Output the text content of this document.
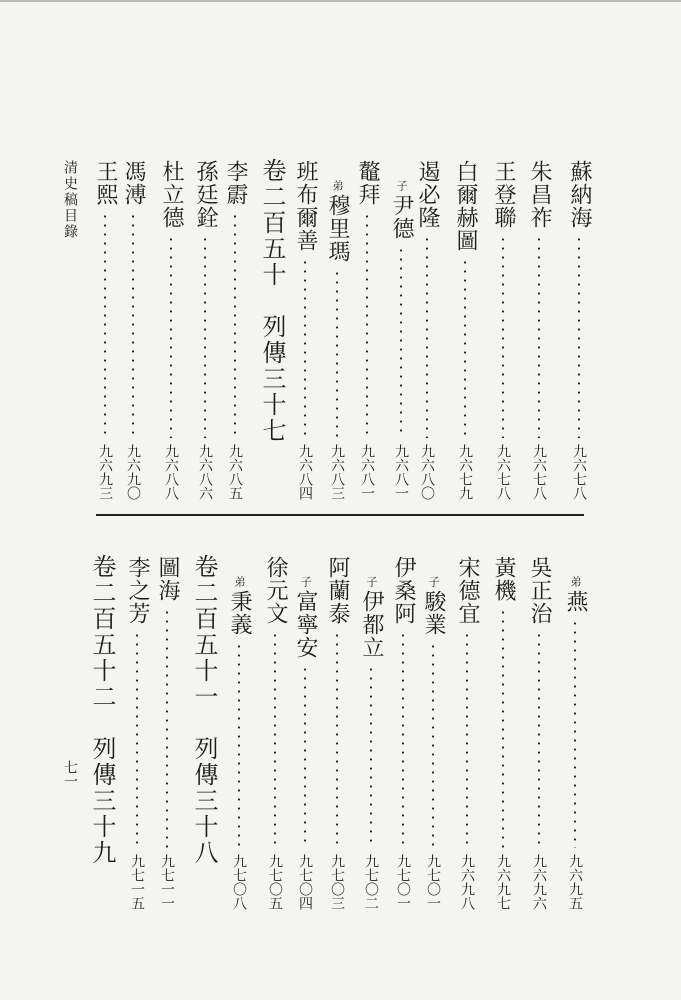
清史稿目錄
七一
蘇納海
九六七八
朱昌祚
九六七八
王登聯
九六七八
白爾赫圖
九六七九
遏必隆
九六八〇
子
尹德
九六八一
鼇拜
九六八一
弟
穆里瑪
九六八三
班布爾善
九六八四
卷二百五十　列傳三十七
李霨
九六八五
孫廷銓
九六八六
杜立德
九六八八
馮溥
九六九〇
王熙
九六九三
弟
燕
九六九五
吳正治
九六九六
黃機
九六九七
宋德宜
九六九八
子
駿業
九七〇一
伊桑阿
九七〇一
子
伊都立
九七〇二
阿蘭泰
九七〇三
子
富寧安
九七〇四
徐元文
九七〇五
弟
秉義
九七〇八
卷二百五十一　列傳三十八
圖海
九七一一
李之芳
九七一五
卷二百五十二　列傳三十九
